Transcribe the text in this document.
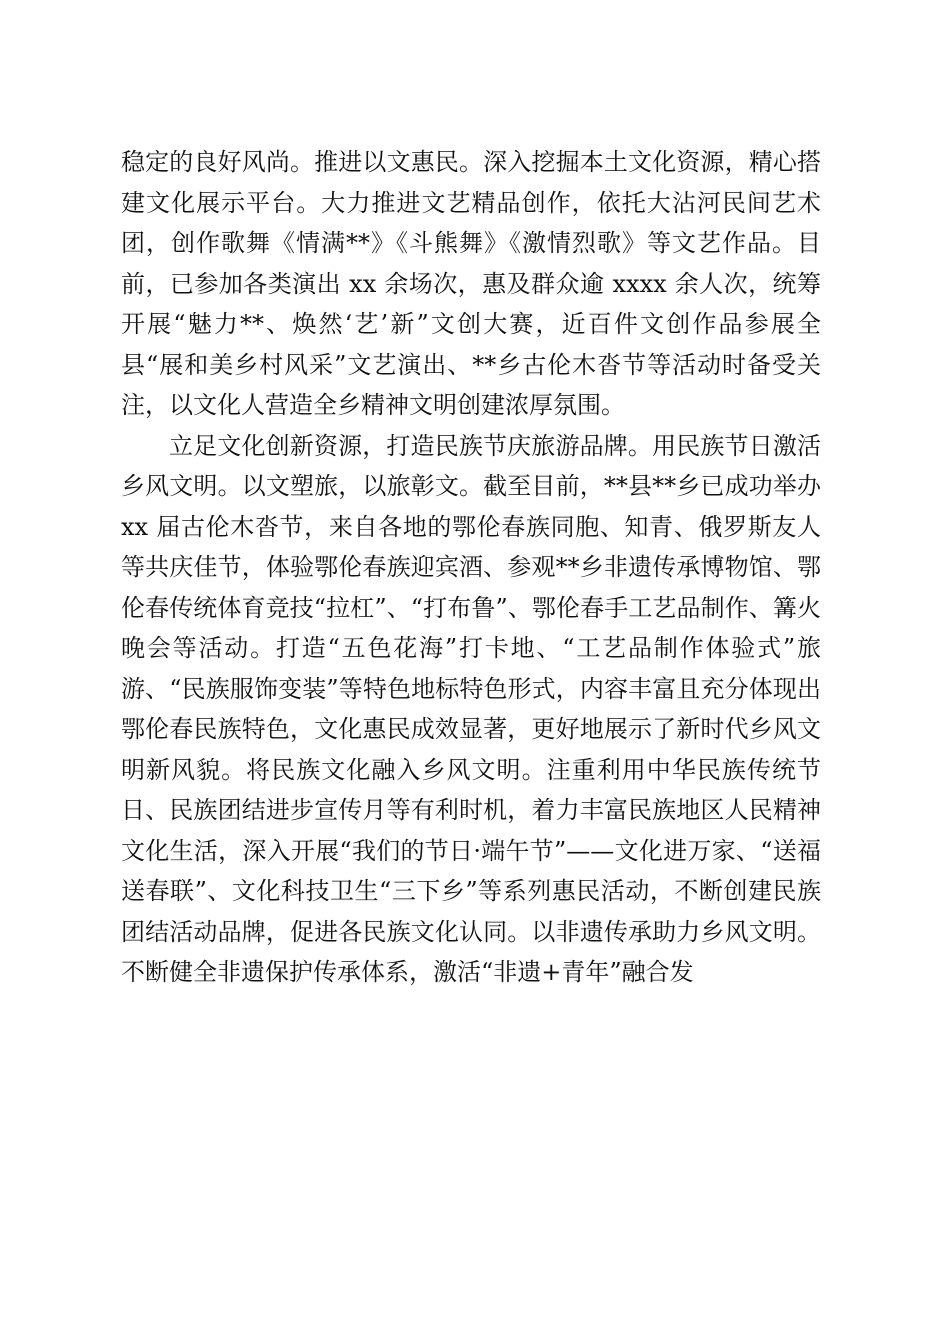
稳定的良好风尚。推进以文惠民。深入挖掘本土文化资源，精心搭建文化展示平台。大力推进文艺精品创作，依托大沾河民间艺术团，创作歌舞《情满**》《斗熊舞》《激情烈歌》等文艺作品。目前，已参加各类演出 xx 余场次，惠及群众逾 xxxx 余人次，统筹开展“魅力**、焕然‘艺’新”文创大赛，近百件文创作品参展全县“展和美乡村风采”文艺演出、**乡古伦木沓节等活动时备受关注，以文化人营造全乡精神文明创建浓厚氛围。

立足文化创新资源，打造民族节庆旅游品牌。用民族节日激活乡风文明。以文塑旅，以旅彰文。截至目前，**县**乡已成功举办 xx 届古伦木沓节，来自各地的鄂伦春族同胞、知青、俄罗斯友人等共庆佳节，体验鄂伦春族迎宾酒、参观**乡非遗传承博物馆、鄂伦春传统体育竞技“拉杠”、“打布鲁”、鄂伦春手工艺品制作、篝火晚会等活动。打造“五色花海”打卡地、“工艺品制作体验式”旅游、“民族服饰变装”等特色地标特色形式，内容丰富且充分体现出鄂伦春民族特色，文化惠民成效显著，更好地展示了新时代乡风文明新风貌。将民族文化融入乡风文明。注重利用中华民族传统节日、民族团结进步宣传月等有利时机，着力丰富民族地区人民精神文化生活，深入开展“我们的节日·端午节”——文化进万家、“送福送春联”、文化科技卫生“三下乡”等系列惠民活动，不断创建民族团结活动品牌，促进各民族文化认同。以非遗传承助力乡风文明。不断健全非遗保护传承体系，激活“非遗+青年”融合发
